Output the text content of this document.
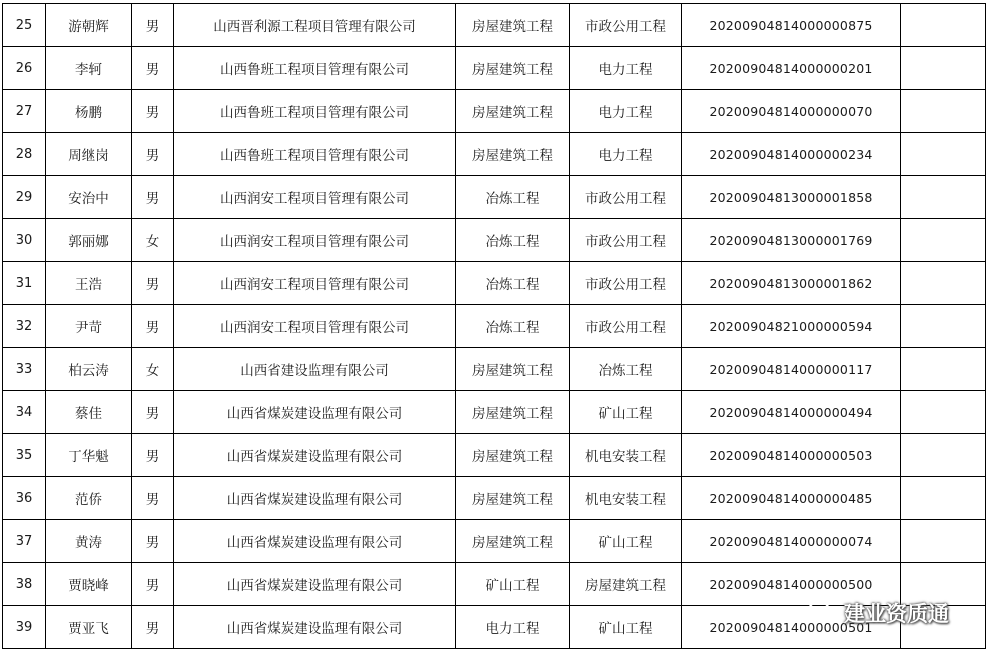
25	游朝辉	男	山西晋利源工程项目管理有限公司	房屋建筑工程	市政公用工程	20200904814000000875	
26	李轲	男	山西鲁班工程项目管理有限公司	房屋建筑工程	电力工程	20200904814000000201	
27	杨鹏	男	山西鲁班工程项目管理有限公司	房屋建筑工程	电力工程	20200904814000000070	
28	周继岗	男	山西鲁班工程项目管理有限公司	房屋建筑工程	电力工程	20200904814000000234	
29	安治中	男	山西润安工程项目管理有限公司	冶炼工程	市政公用工程	20200904813000001858	
30	郭丽娜	女	山西润安工程项目管理有限公司	冶炼工程	市政公用工程	20200904813000001769	
31	王浩	男	山西润安工程项目管理有限公司	冶炼工程	市政公用工程	20200904813000001862	
32	尹苛	男	山西润安工程项目管理有限公司	冶炼工程	市政公用工程	20200904821000000594	
33	柏云涛	女	山西省建设监理有限公司	房屋建筑工程	冶炼工程	20200904814000000117	
34	蔡佳	男	山西省煤炭建设监理有限公司	房屋建筑工程	矿山工程	20200904814000000494	
35	丁华魁	男	山西省煤炭建设监理有限公司	房屋建筑工程	机电安装工程	20200904814000000503	
36	范侨	男	山西省煤炭建设监理有限公司	房屋建筑工程	机电安装工程	20200904814000000485	
37	黄涛	男	山西省煤炭建设监理有限公司	房屋建筑工程	矿山工程	20200904814000000074	
38	贾晓峰	男	山西省煤炭建设监理有限公司	矿山工程	房屋建筑工程	20200904814000000500	
39	贾亚飞	男	山西省煤炭建设监理有限公司	电力工程	矿山工程	20200904814000000501	
建业资质通
